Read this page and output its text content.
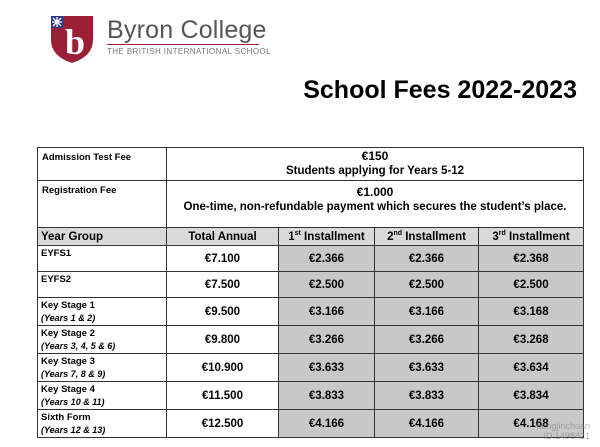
b Byron College
THE BRITISH INTERNATIONAL SCHOOL
School Fees 2022-2023
Admission Test Fee	€150
Students applying for Years 5-12			

Registration Fee	€1.000
One-time, non-refundable payment which secures the student’s place.			

Year Group	Total Annual	1st Installment	2nd Installment	3rd Installment

EYFS1	€7.100	€2.366	€2.366	€2.368

EYFS2	€7.500	€2.500	€2.500	€2.500

Key Stage 1
(Years 1 & 2)	€9.500	€3.166	€3.166	€3.168

Key Stage 2
(Years 3, 4, 5 & 6)	€9.800	€3.266	€3.266	€3.268

Key Stage 3
(Years 7, 8 & 9)	€10.900	€3.633	€3.633	€3.634

Key Stage 4
(Years 10 & 11)	€11.500	€3.833	€3.833	€3.834

Sixth Form
(Years 12 & 13)	€12.500	€4.166	€4.166	€4.168
hongjinchuan
ID:1498421
